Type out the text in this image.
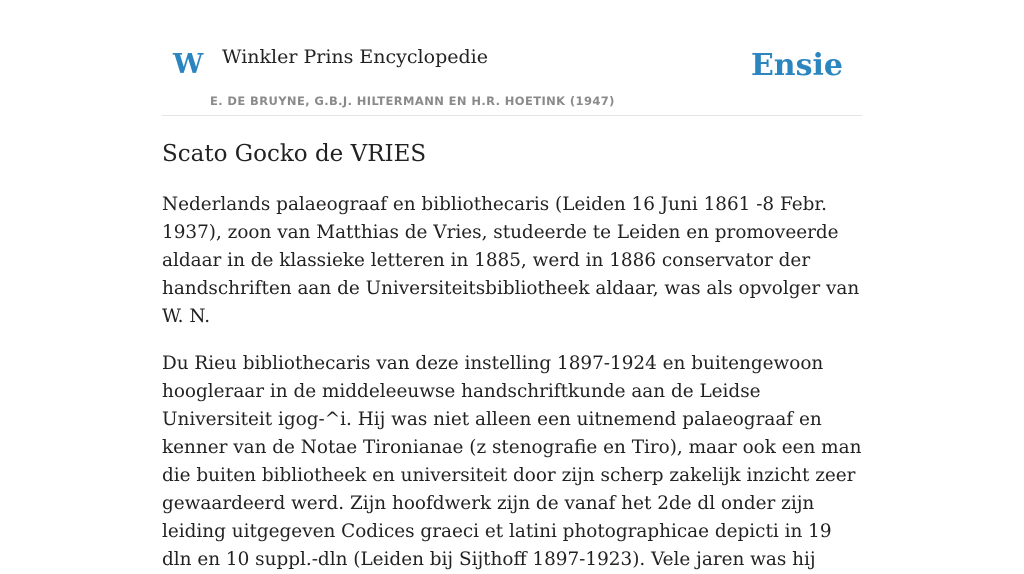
W Winkler Prins Encyclopedie
E. DE BRUYNE, G.B.J. HILTERMANN EN H.R. HOETINK (1947)
Ensie
Scato Gocko de VRIES

Nederlands palaeograaf en bibliothecaris (Leiden 16 Juni 1861 -8 Febr. 1937), zoon van Matthias de Vries, studeerde te Leiden en promoveerde aldaar in de klassieke letteren in 1885, werd in 1886 conservator der handschriften aan de Universiteitsbibliotheek aldaar, was als opvolger van W. N.

Du Rieu bibliothecaris van deze instelling 1897-1924 en buitengewoon hoogleraar in de middeleeuwse handschriftkunde aan de Leidse Universiteit igog-^i. Hij was niet alleen een uitnemend palaeograaf en kenner van de Notae Tironianae (z stenografie en Tiro), maar ook een man die buiten bibliotheek en universiteit door zijn scherp zakelijk inzicht zeer gewaardeerd werd. Zijn hoofdwerk zijn de vanaf het 2de dl onder zijn leiding uitgegeven Codices graeci et latini photographicae depicti in 19 dln en 10 suppl.-dln (Leiden bij Sijthoff 1897-1923). Vele jaren was hij
